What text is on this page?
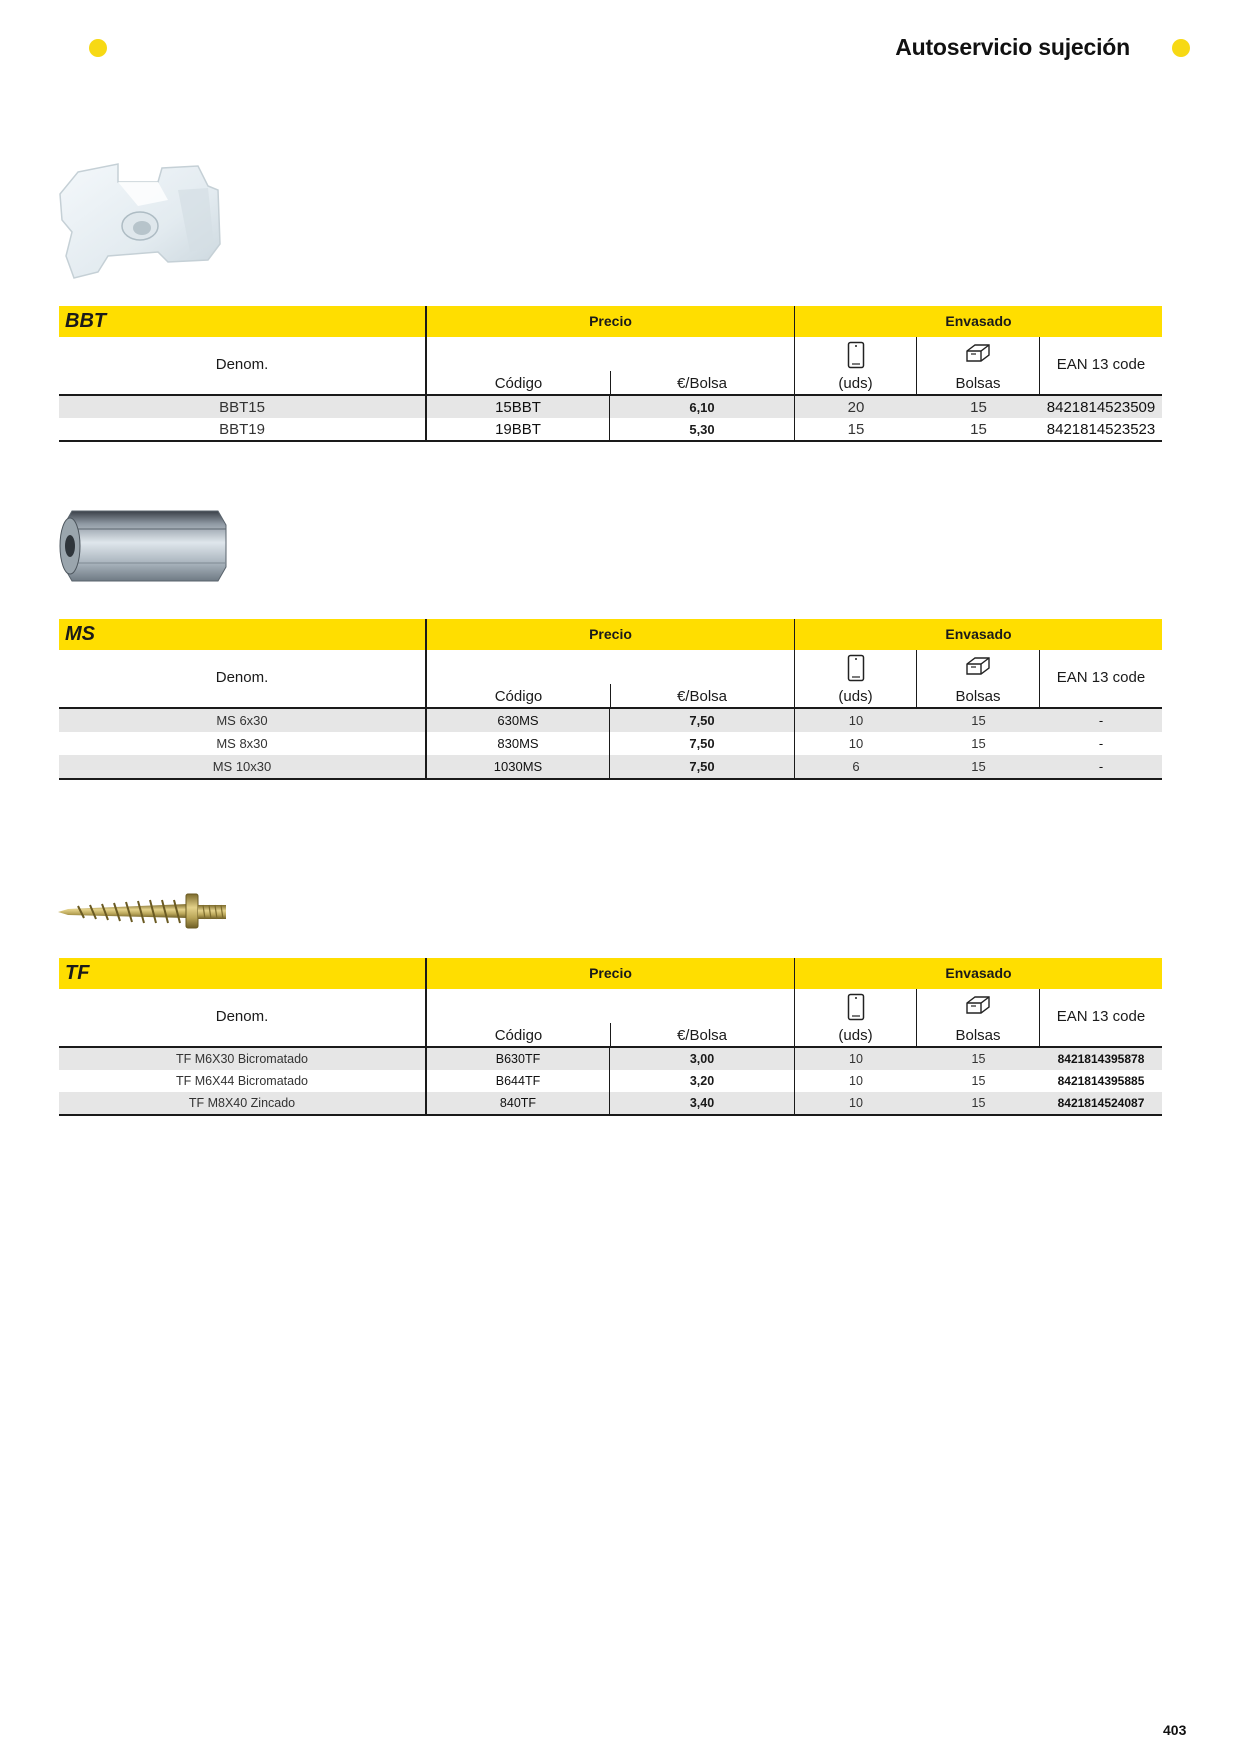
Autoservicio sujeción
BBT	Precio	Envasado
Denom.
Código	€/Bolsa	(uds)	Bolsas
EAN 13 code
BBT15	15BBT	6,10	20	15	8421814523509
BBT19	19BBT	5,30	15	15	8421814523523
MS	Precio	Envasado
Denom.
Código	€/Bolsa	(uds)	Bolsas
EAN 13 code
MS 6x30	630MS	7,50	10	15	-
MS 8x30	830MS	7,50	10	15	-
MS 10x30	1030MS	7,50	6	15	-
TF	Precio	Envasado
Denom.
Código	€/Bolsa	(uds)	Bolsas
EAN 13 code
TF M6X30 Bicromatado	B630TF	3,00	10	15	8421814395878
TF M6X44 Bicromatado	B644TF	3,20	10	15	8421814395885
TF M8X40 Zincado	840TF	3,40	10	15	8421814524087
403
